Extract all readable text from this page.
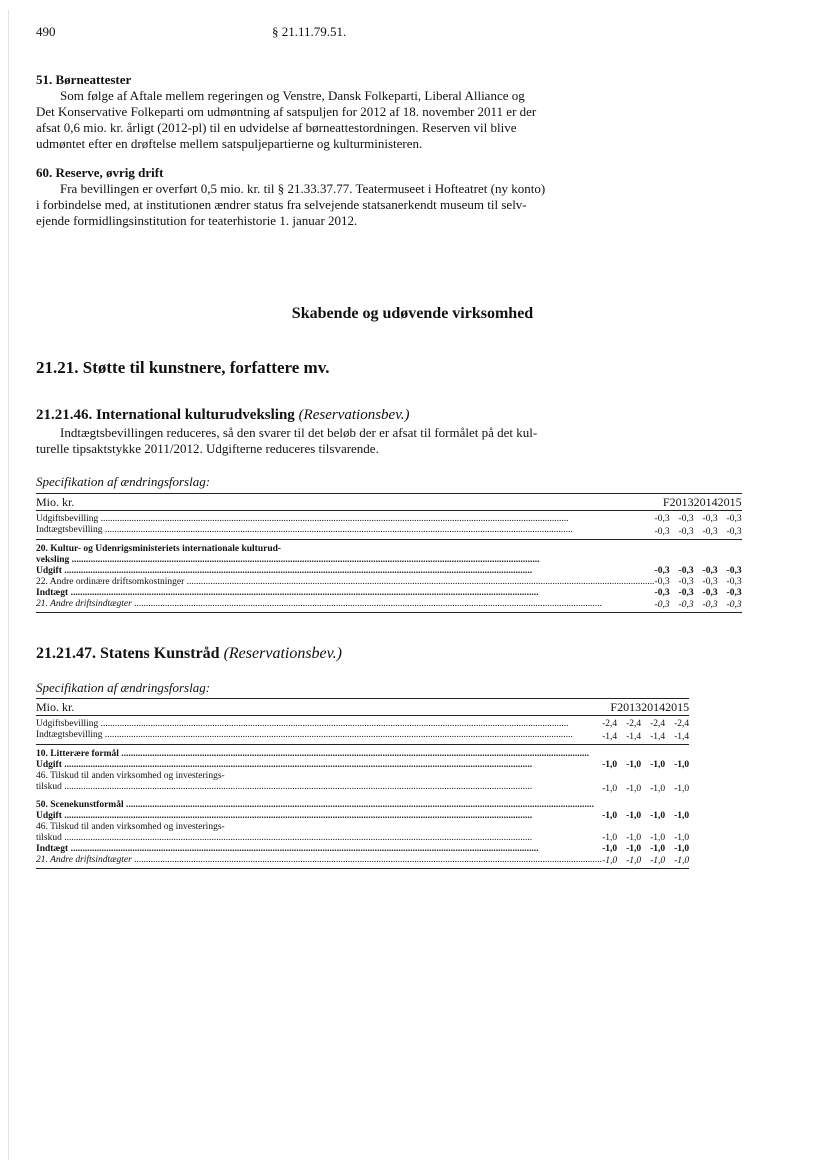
490	§ 21.11.79.51.
51. Børneattester
Som følge af Aftale mellem regeringen og Venstre, Dansk Folkeparti, Liberal Alliance og
Det Konservative Folkeparti om udmøntning af satspuljen for 2012 af 18. november 2011 er der
afsat 0,6 mio. kr. årligt (2012-pl) til en udvidelse af børneattestordningen. Reserven vil blive
udmøntet efter en drøftelse mellem satspuljepartierne og kulturministeren.
60. Reserve, øvrig drift
Fra bevillingen er overført 0,5 mio. kr. til § 21.33.37.77. Teatermuseet i Hofteatret (ny konto)
i forbindelse med, at institutionen ændrer status fra selvejende statsanerkendt museum til selv-
ejende formidlingsinstitution for teaterhistorie 1. januar 2012.
Skabende og udøvende virksomhed
21.21. Støtte til kunstnere, forfattere mv.
21.21.46. International kulturudveksling (Reservationsbev.)
Indtægtsbevillingen reduceres, så den svarer til det beløb der er afsat til formålet på det kul-
turelle tipsaktstykke 2011/2012. Udgifterne reduceres tilsvarende.
Specifikation af ændringsforslag:
Mio. kr.	F	2013	2014	2015

Udgiftsbevilling .....	-0,3	-0,3	-0,3	-0,3

Indtægtsbevilling .....	-0,3	-0,3	-0,3	-0,3
20. Kultur- og Udenrigsministeriets internationale kulturud-				

veksling .....

Udgift .....	-0,3	-0,3	-0,3	-0,3

22. Andre ordinære driftsomkostninger .....	-0,3	-0,3	-0,3	-0,3

Indtægt .....	-0,3	-0,3	-0,3	-0,3

21. Andre driftsindtægter .....	-0,3	-0,3	-0,3	-0,3
21.21.47. Statens Kunstråd (Reservationsbev.)
Specifikation af ændringsforslag:
Mio. kr.	F	2013	2014	2015

Udgiftsbevilling .....	-2,4	-2,4	-2,4	-2,4

Indtægtsbevilling .....	-1,4	-1,4	-1,4	-1,4

10. Litterære formål .....

Udgift .....	-1,0	-1,0	-1,0	-1,0
46. Tilskud til anden virksomhed og investerings-				

tilskud .....	-1,0	-1,0	-1,0	-1,0

50. Scenekunstformål .....

Udgift .....	-1,0	-1,0	-1,0	-1,0
46. Tilskud til anden virksomhed og investerings-				

tilskud .....	-1,0	-1,0	-1,0	-1,0

Indtægt .....	-1,0	-1,0	-1,0	-1,0

21. Andre driftsindtægter .....	-1,0	-1,0	-1,0	-1,0
